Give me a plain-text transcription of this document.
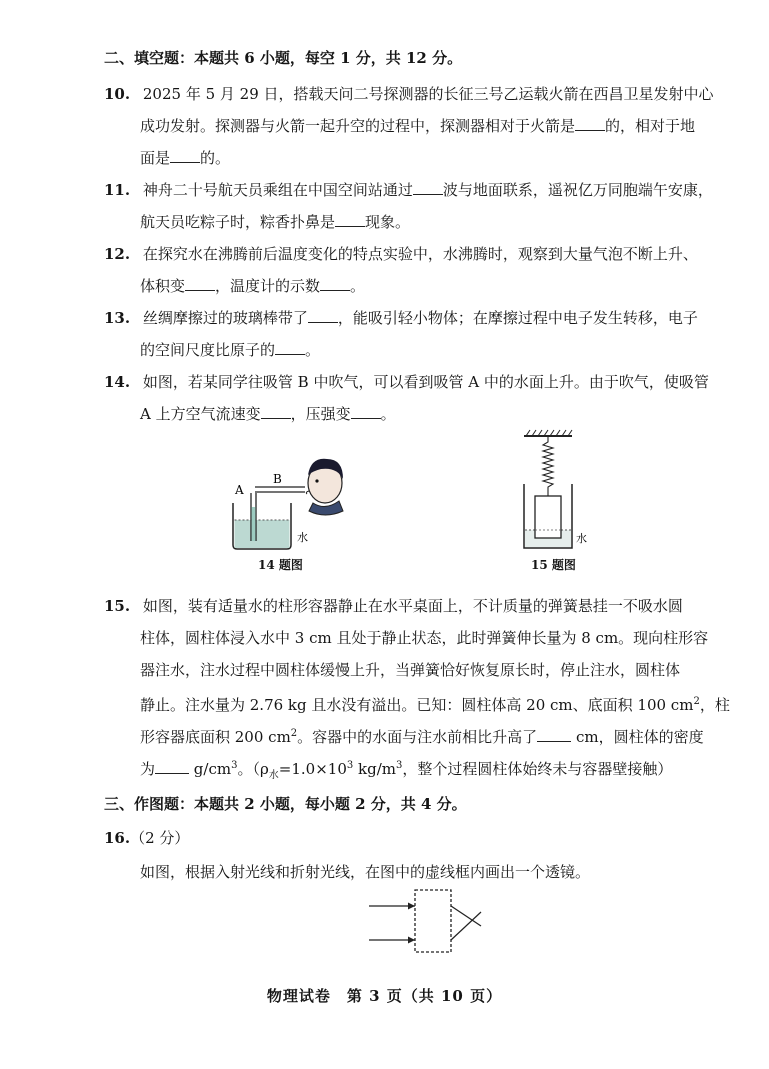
二、填空题：本题共 6 小题，每空 1 分，共 12 分。
10. 2025 年 5 月 29 日，搭载天问二号探测器的长征三号乙运载火箭在西昌卫星发射中心
成功发射。探测器与火箭一起升空的过程中，探测器相对于火箭是 的，相对于地
面是 的。
11. 神舟二十号航天员乘组在中国空间站通过 波与地面联系，遥祝亿万同胞端午安康，
航天员吃粽子时，粽香扑鼻是 现象。
12. 在探究水在沸腾前后温度变化的特点实验中，水沸腾时，观察到大量气泡不断上升、
体积变 ，温度计的示数 。
13. 丝绸摩擦过的玻璃棒带了 ，能吸引轻小物体；在摩擦过程中电子发生转移，电子
的空间尺度比原子的 。
14. 如图，若某同学往吸管 B 中吹气，可以看到吸管 A 中的水面上升。由于吹气，使吸管
A 上方空气流速变 ，压强变 。
A
B
水
14 题图
水
15 题图
15. 如图，装有适量水的柱形容器静止在水平桌面上，不计质量的弹簧悬挂一不吸水圆
柱体，圆柱体浸入水中 3 cm 且处于静止状态，此时弹簧伸长量为 8 cm。现向柱形容
器注水，注水过程中圆柱体缓慢上升，当弹簧恰好恢复原长时，停止注水，圆柱体
静止。注水量为 2.76 kg 且水没有溢出。已知：圆柱体高 20 cm、底面积 100 $cm^2$，柱
形容器底面积 200 $cm^2$。容器中的水面与注水前相比升高了 cm，圆柱体的密度
为 $g/cm^3$。（$\rho_水=1.0\times 10^3$ $kg/m^3$，整个过程圆柱体始终未与容器壁接触）
三、作图题：本题共 2 小题，每小题 2 分，共 4 分。
16.（2 分）
如图，根据入射光线和折射光线，在图中的虚线框内画出一个透镜。
物理试卷　第 3 页（共 10 页）
